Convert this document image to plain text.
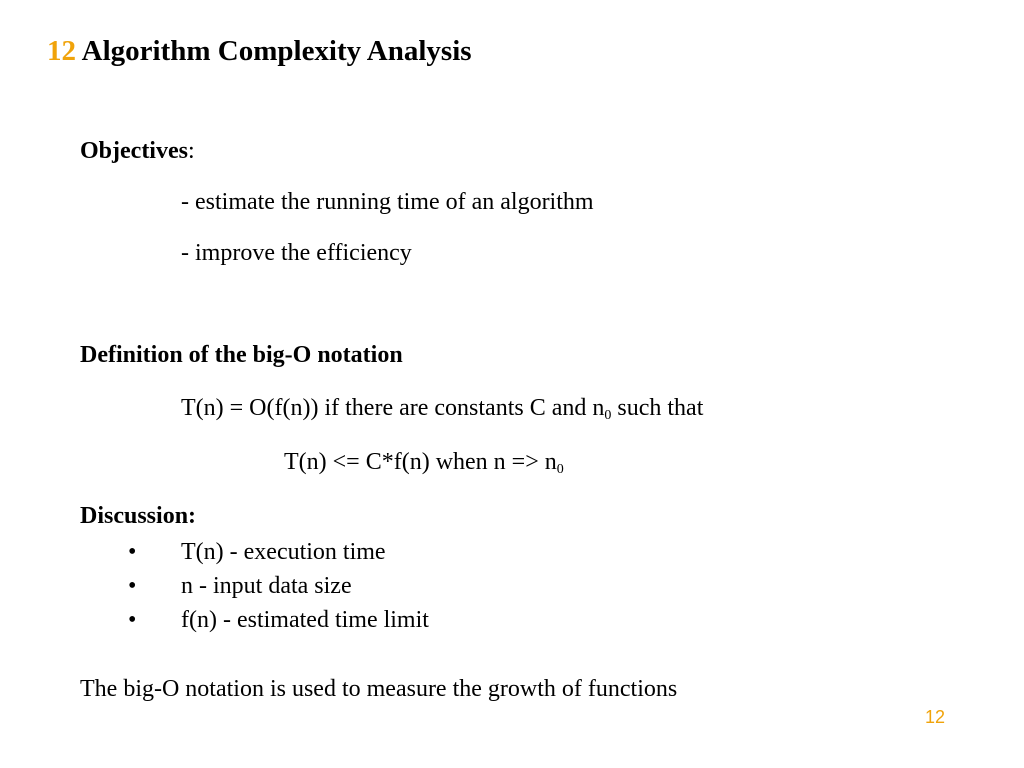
12 Algorithm Complexity Analysis
Objectives:
- estimate the running time of an algorithm
- improve the efficiency
Definition of the big-O notation
T(n) = O(f(n)) if there are constants C and $n_0$ such that
T(n) <= C*f(n) when $n => n_0$
Discussion:
• T(n) - execution time
• n - input data size
• f(n) - estimated time limit
The big-O notation is used to measure the growth of functions
12
